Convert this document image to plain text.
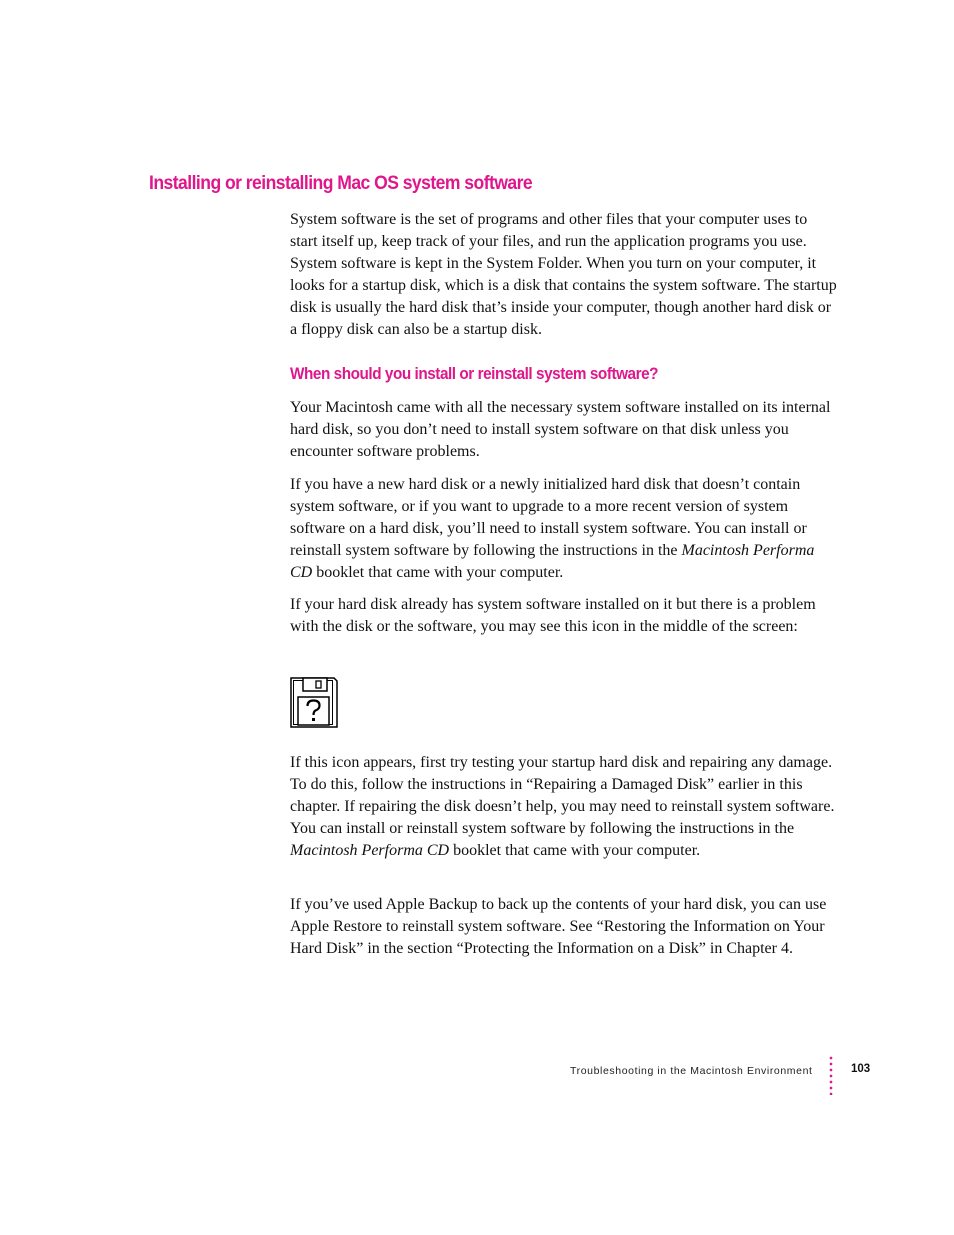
Installing or reinstalling Mac OS system software

System software is the set of programs and other files that your computer uses to start itself up, keep track of your files, and run the application programs you use. System software is kept in the System Folder. When you turn on your computer, it looks for a startup disk, which is a disk that contains the system software. The startup disk is usually the hard disk that’s inside your computer, though another hard disk or a floppy disk can also be a startup disk.

When should you install or reinstall system software?

Your Macintosh came with all the necessary system software installed on its internal hard disk, so you don’t need to install system software on that disk unless you encounter software problems.

If you have a new hard disk or a newly initialized hard disk that doesn’t contain system software, or if you want to upgrade to a more recent version of system software on a hard disk, you’ll need to install system software. You can install or reinstall system software by following the instructions in the Macintosh Performa CD booklet that came with your computer.

If your hard disk already has system software installed on it but there is a problem with the disk or the software, you may see this icon in the middle of the screen:

If this icon appears, first try testing your startup hard disk and repairing any damage. To do this, follow the instructions in “Repairing a Damaged Disk” earlier in this chapter. If repairing the disk doesn’t help, you may need to reinstall system software. You can install or reinstall system software by following the instructions in the Macintosh Performa CD booklet that came with your computer.

If you’ve used Apple Backup to back up the contents of your hard disk, you can use Apple Restore to reinstall system software. See “Restoring the Information on Your Hard Disk” in the section “Protecting the Information on a Disk” in Chapter 4.

Troubleshooting in the Macintosh Environment	103
